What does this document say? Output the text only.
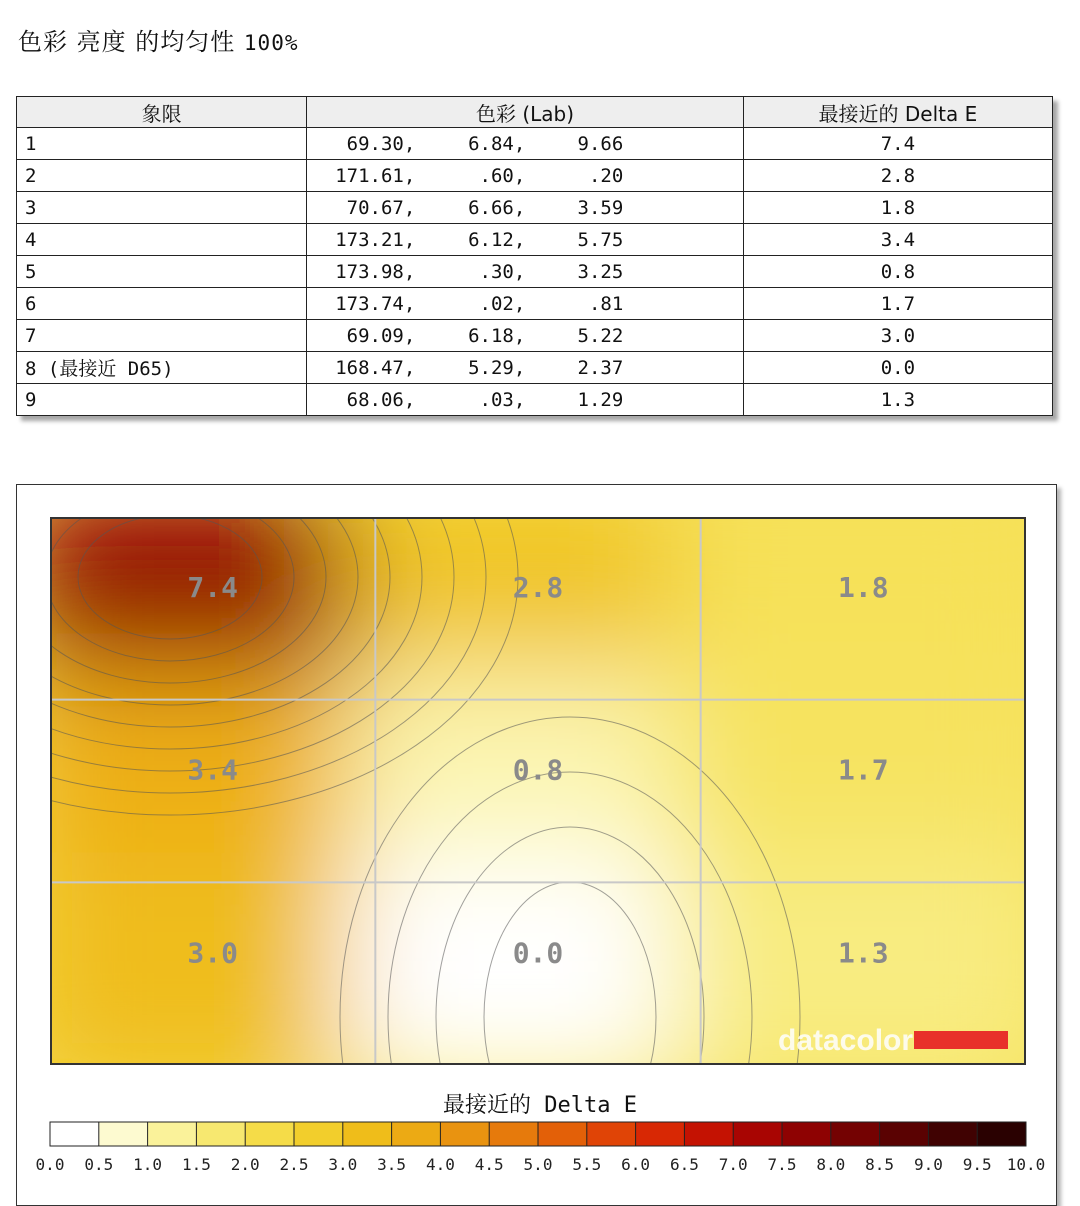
色彩 亮度 的均匀性 100%
象限	色彩 (Lab)	最接近的 Delta E
1	69.30, 6.84, 9.66	7.4
2	171.61, .60, .20	2.8
3	70.67, 6.66, 3.59	1.8
4	173.21, 6.12, 5.75	3.4
5	173.98, .30, 3.25	0.8
6	173.74, .02, .81	1.7
7	69.09, 6.18, 5.22	3.0
8 (最接近 D65)	168.47, 5.29, 2.37	0.0
9	68.06, .03, 1.29	1.3
7.4	2.8	1.8
3.4	0.8	1.7
3.0	0.0	1.3
datacolor
最接近的 Delta E
0.0 0.5 1.0 1.5 2.0 2.5 3.0 3.5 4.0 4.5 5.0 5.5 6.0 6.5 7.0 7.5 8.0 8.5 9.0 9.5 10.0
